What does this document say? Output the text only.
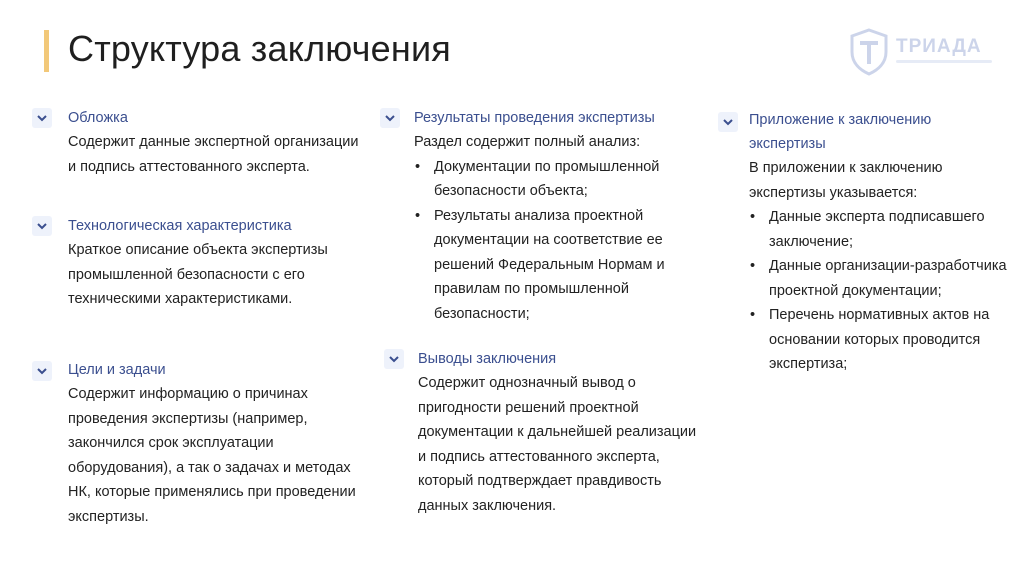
Структура заключения	ТРИАДА
Обложка
Содержит данные экспертной организации и подпись аттестованного эксперта.
Технологическая характеристика
Краткое описание объекта экспертизы промышленной безопасности с его техническими характеристиками.
Цели и задачи
Содержит информацию о причинах проведения экспертизы (например, закончился срок эксплуатации оборудования), а так о задачах и методах НК, которые применялись при проведении экспертизы.
Результаты проведения экспертизы
Раздел содержит полный анализ:
• Документации по промышленной безопасности объекта;
• Результаты анализа проектной документации на соответствие ее решений Федеральным Нормам и правилам по промышленной безопасности;
Выводы заключения
Содержит однозначный вывод о пригодности решений проектной документации к дальнейшей реализации и подпись аттестованного эксперта, который подтверждает правдивость данных заключения.
Приложение к заключению экспертизы
В приложении к заключению экспертизы указывается:
• Данные эксперта подписавшего заключение;
• Данные организации-разработчика проектной документации;
• Перечень нормативных актов на основании которых проводится экспертиза;
